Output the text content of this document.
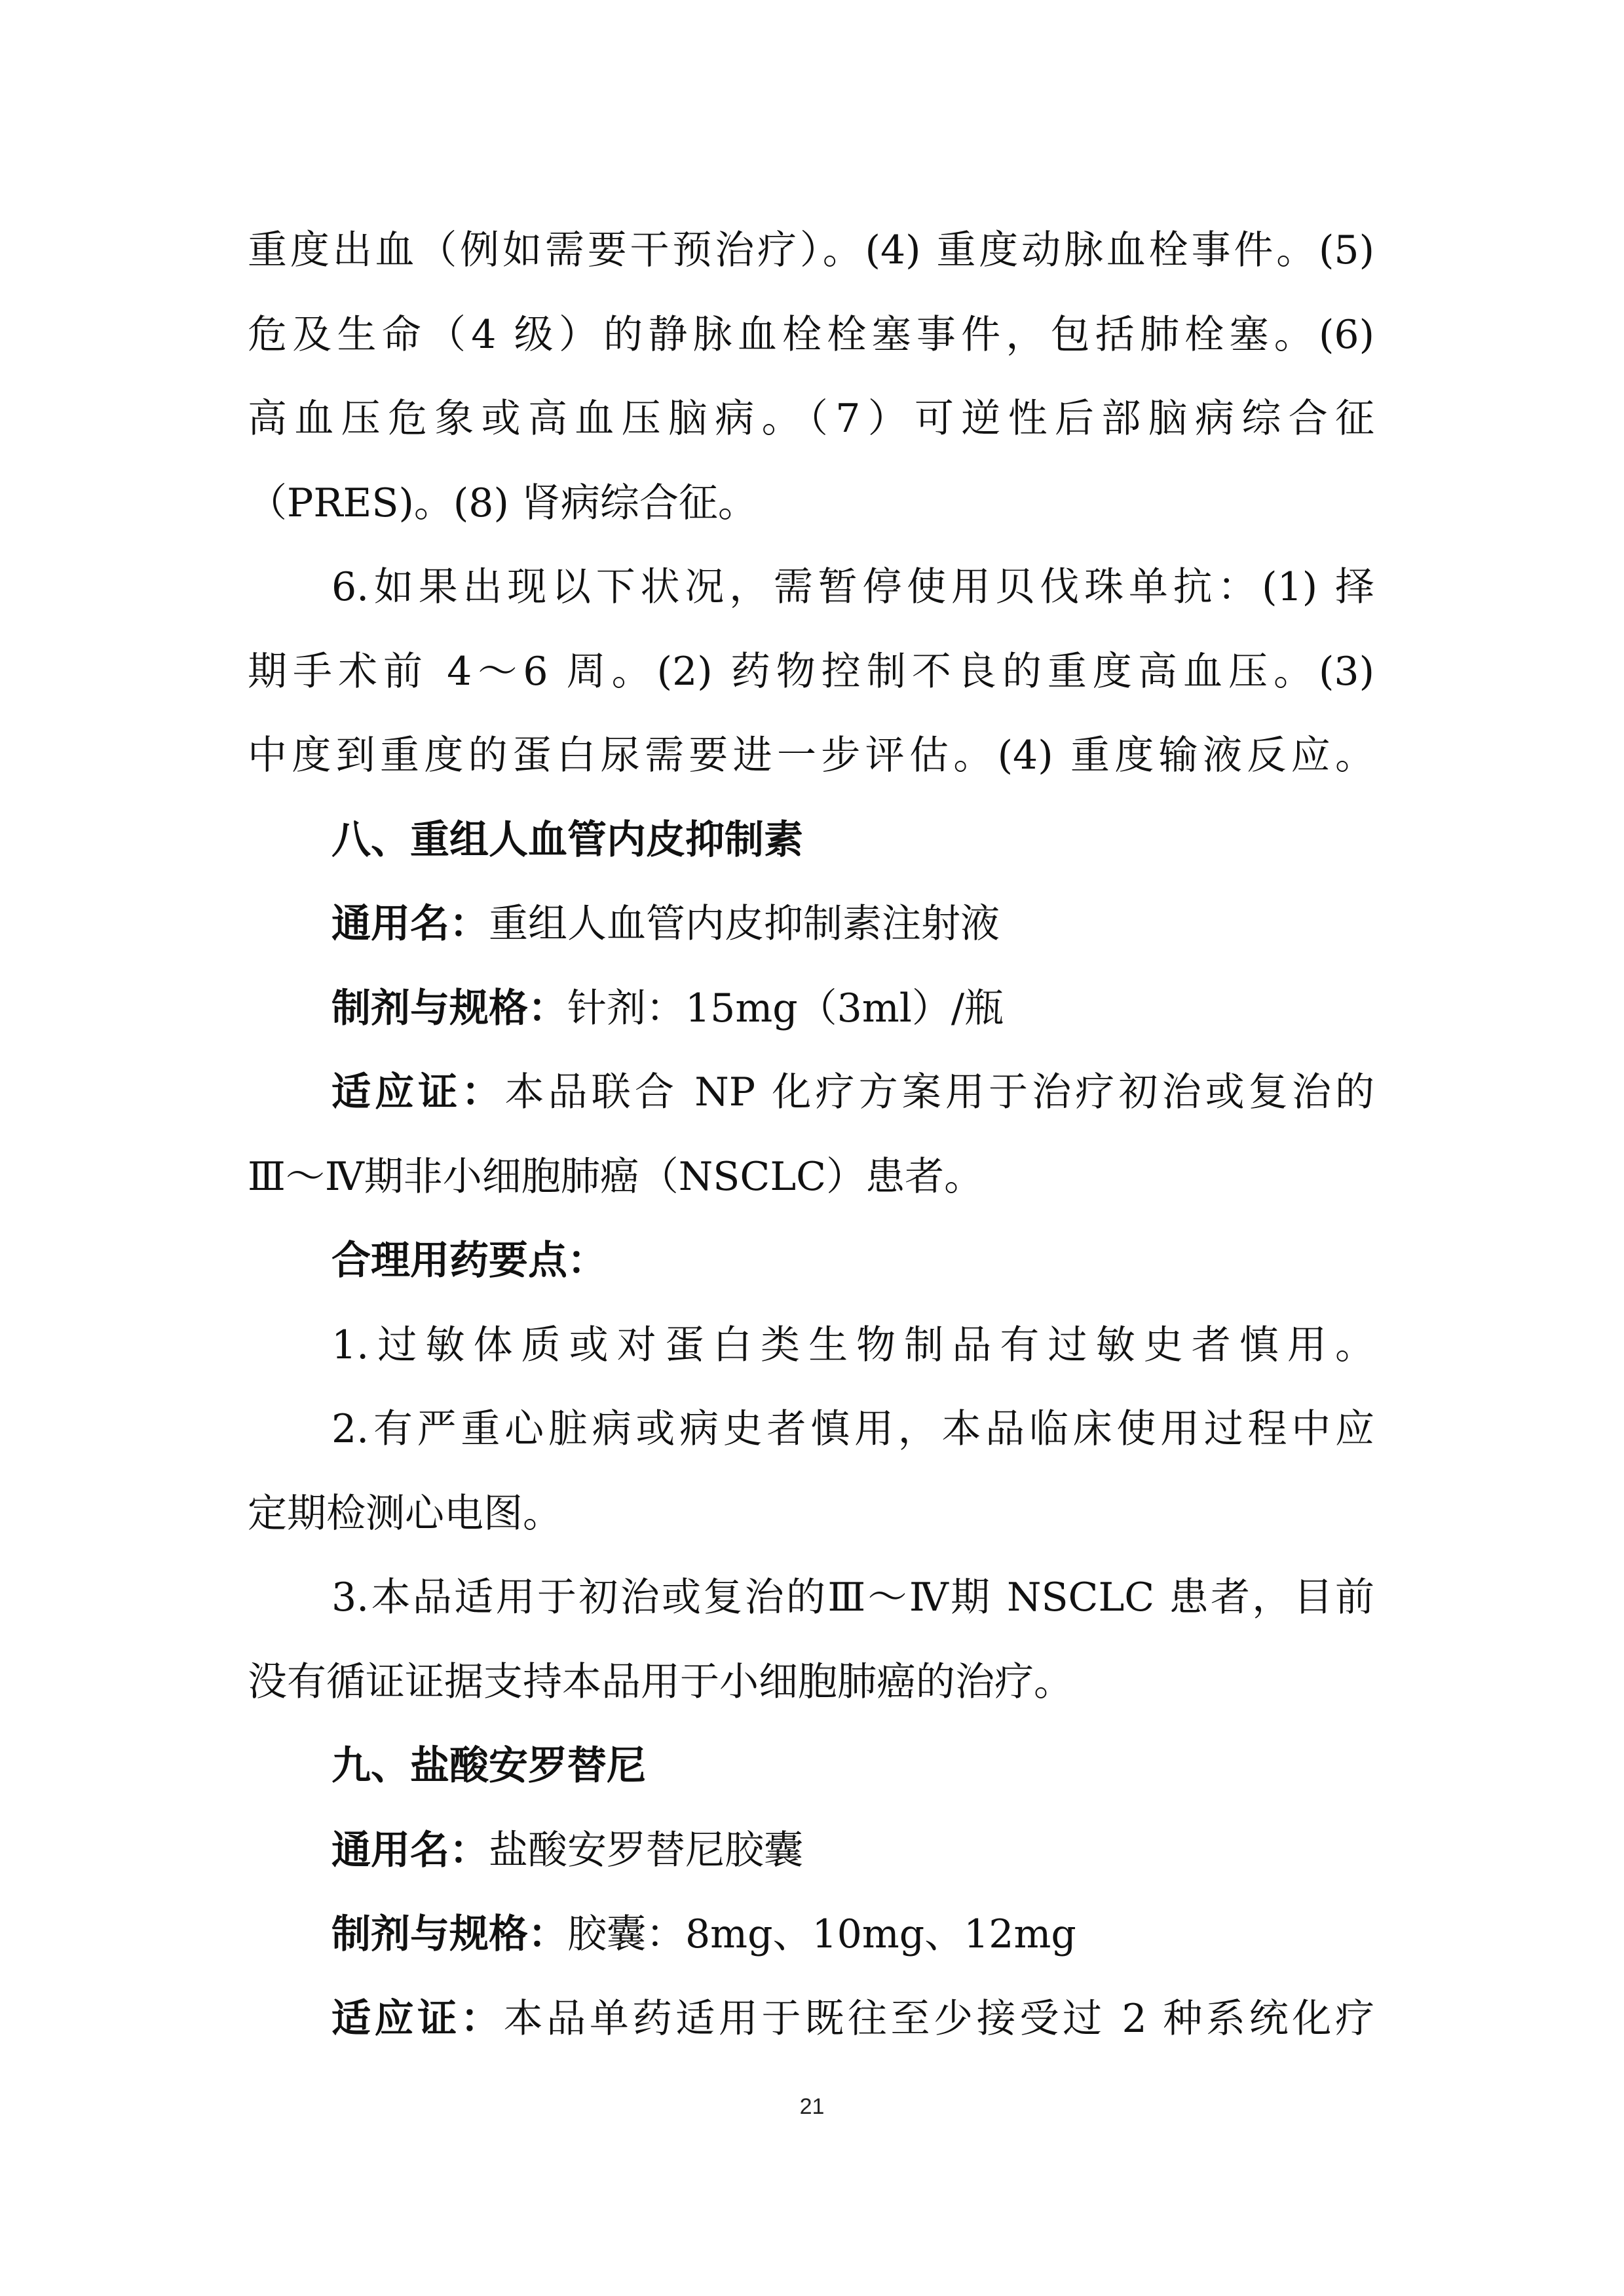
重度出血（例如需要干预治疗）。(4) 重度动脉血栓事件。(5)
危及生命（4 级）的静脉血栓栓塞事件，包括肺栓塞。(6)
高血压危象或高血压脑病。（7）可逆性后部脑病综合征
（PRES)。(8) 肾病综合征。
6.如果出现以下状况，需暂停使用贝伐珠单抗：(1) 择
期手术前 4～6 周。(2) 药物控制不良的重度高血压。(3)
中度到重度的蛋白尿需要进一步评估。(4) 重度输液反应。
八、重组人血管内皮抑制素
通用名：重组人血管内皮抑制素注射液
制剂与规格：针剂：15mg（3ml）/瓶
适应证：本品联合 NP 化疗方案用于治疗初治或复治的
Ⅲ～Ⅳ期非小细胞肺癌（NSCLC）患者。
合理用药要点：
1.过敏体质或对蛋白类生物制品有过敏史者慎用。
2.有严重心脏病或病史者慎用，本品临床使用过程中应
定期检测心电图。
3.本品适用于初治或复治的Ⅲ～Ⅳ期 NSCLC 患者，目前
没有循证证据支持本品用于小细胞肺癌的治疗。
九、盐酸安罗替尼
通用名：盐酸安罗替尼胶囊
制剂与规格：胶囊：8mg、10mg、12mg
适应证：本品单药适用于既往至少接受过 2 种系统化疗
21
